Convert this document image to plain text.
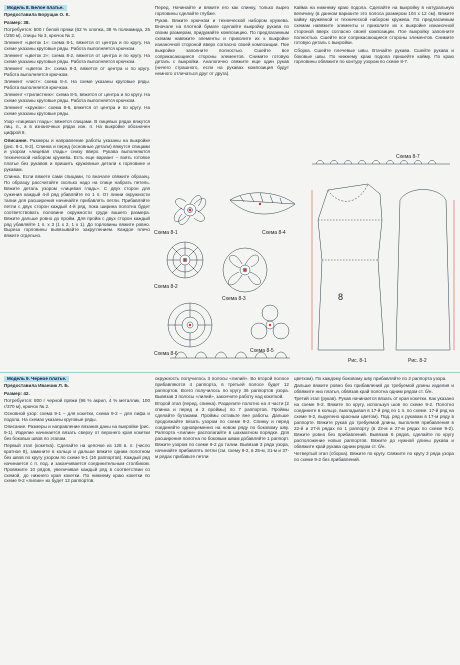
Модель 8. Белое платье.

Предоставила Борущак О. К.

Размер: 38.

Потребуется: 500 г белой пряжи (62 % хлопка, 38 % полиамида, 25 г/250 м), спицы № 3, крючок № 2.

Элемент «цветок 1»: схема 8-1, вяжется от центра и по кругу. На схеме указаны круговые ряды. Работа выполняется крючком.

Элемент «цветок 2»: схема 8-2, вяжется от центра и по кругу. На схеме указаны круговые ряды. Работа выполняется крючком.

Элемент «цветок 3»: схема 8-3, вяжется от центра и по кругу. Работа выполняется крючком.

Элемент «лист»: схема 8-4. На схеме указаны круговые ряды. Работа выполняется крючком.

Элемент «трилистник»: схема 8-5, вяжется от центра и по кругу. На схеме указаны круговые ряды. Работа выполняется крючком.

Элемент «кружок»: схема 8-6, вяжется от центра и по кругу. На схеме указаны круговые ряды.

Узор «лицевая гладь»: вяжется спицами. В лицевых рядах вяжутся лиц. п., а в изнаночных рядах изн. п. На выкройке обозначен цифрой 8.

Описание. Размеры и направление работы указаны на выкройке (рис. 8-1, 8-2). Спинка и перед (основные детали) вяжутся спицами и узором «лицевая гладь» снизу вверх. Рукава выполняются технической набором кружева. Есть еще вариант – взять готовое платье без рукавов и пришить кружевные детали к горловине и рукавам.

Спинка. Если вяжете сами спицами, то вначале свяжите образец. По образцу рассчитайте сколько надо на спице набрать петель. Вяжите деталь узором «лицевая гладь». С двух сторон для сужения каждый 4-й ряд убавляйте по 1 п. От линии окружности талии для расширения начинайте прибавлять петли. Прибавляйте петли с двух сторон каждый 4-й ряд, пока ширина полотна будет соответствовать половине окружности груди вашего размера. Вяжите дальше ровно до пройм. Для пройм с двух сторон каждый ряд убавляйте 1 п. x 3 (1 x 2, 1 x 1). До горловины вяжите ровно. Выреза горловины вывязывайте закруглением. Каждое плечо вяжите отдельно.

Перед. Начинайте и вяжите его как спинку, только вырез горловины сделайте глубже.

Рукав. Вяжите крючком и технической набором кружева. Вначале на плотной бумаге сделайте выкройку рукава по своим размерам, придумайте композицию. По предлагаемым схемам навяжите элементы и приколите их к выкройке изнаночной стороной вверх согласно своей композиции. Пое выкройке заполните полностью. Сшейте все соприкасающиеся стороны элементов. Снимите готовую деталь с выкройки. Аналогично свяжите еще один рукав (ничего страшного, если на рукавах композиция будут немного отличаться друг от друга).

Кайма на нижнему краю подола. Сделайте на выкройку в натуральную величину (в данном варианте это полоса размером 104 x 12 см). Вяжите кайму кружевной и технической набором кружева. По предлагаемым схемам навяжите элементы и приколите их к выкройке изнаночной стороной вверх согласно своей композиции. Пое выкройку заполните полностью. Сшейте все соприкасающиеся стороны элементов. Снимите готовую деталь с выкройки.

Сборка. Сшейте плечевые швы. Втачайте рукава. Сшейте рукава и боковые швы. По нижнему краю подола пришейте кайму. По краю горловины обвяжите по контуру узором по схеме 8-7.

Схема 8-1	Схема 8-4
Схема 8-2
Схема 8-3
Схема 8-6	Схема 8-5
Схема 8-7
8
Рис. 8-1	Рис. 8-2
Модель 9. Черное платье.

Предоставила Иванчик Л. Б.

Размер: 42.

Потребуется: 800 г черной пряжи (96 % акрил, 4 % металлик, 100 г/370 м), крючок № 2.

Основной узор: схема 9-1 – для кокетки, схема 9-2 – для лифа и подола. На схемах указаны круговые ряды.

Описание. Размеры и направление вязания даны на выкройке (рис. 9-1). Изделие начинается вязать сверху от верхнего края кокетки без боковых швов по этапам.

Первый этап (кокетка). Сделайте на цепочке из 128 в. п. (число кратное 8), замкните в кольцо и дальше вяжите одним полотном без швов по кругу узором по схеме 9-1 (16 раппортов). Каждый ряд начинается с п. под. и заканчивается соединительным столбиком. Провяжите 10 рядов, увеличивая каждый ряд в соответствии со схемой, до нижнего края кокетки. По нижнему краю кокетки по схеме 9-2 «лилии» их будет 12 раппортов.

окружность получилось 3 полосы «лилий». Во второй полосе прибавляются 4 раппорта, в третьей полосе будет 12 раппортов. Всего получилось по кругу 36 раппортов узора. Вывязав 3 полосы «лилий», закончите работу над кокеткой.

Второй этап (перед, спинка). Разделите полотно на 4 части (2 спинка и перед и 2 проймы) по 7 раппортов. Проймы сделайте бутаками. Проймы оставьте вне работы. Дальше продолжайте вязать узором по схеме 9-2. Спинку и перед соединяйте одновременно на новом ряду по боковому шву. Раппорта «лилии» располагайте в шахматном порядке. Для расширения полотна по боковым швам добавляйте 1 раппорт. Вяжите узором по схеме 9-2 до талии. Вывязав 3 ряда узора, начинайте прибавлять петли (см. схему 9-2, в 25-м, 31-м и 37-м рядах прибавьте петли

цветком). По каждому боковому шву прибавляйте по 2 раппорта узора.

Дальше вяжите ровно без прибавлений до требуемой длины изделия и обвяжите низ платья, обвязав край полотна одним рядом ст. б/н.

Третий этап (рукав). Рукав начинается вязать от края кокетки. Как указано на схеме 9-2. Вяжите по кругу, используя шов по схеме 9-2. Полотно соедините в кольцо, выкладывая в 17-й ряд по 1 п. по схеме. 17-й ряд на схеме 9-2, выделено красным цветом). Под. ряд к рукавам в 17-м ряду в раппорте. Вяжите рукав до требуемой длины, выполняя прибавления в 22-й и 27-й рядах по 1 раппорту (в 22-м и 27-м рядах по схеме 9-2). Вяжите ровно без прибавлений. Вывязав 6 рядов, сделайте по кругу расположение новых раппортов. Вяжите до нужной длины рукава и обвяжите край рукава одним рядом ст. б/н.

Четвертый этап (сборка). Вяжите по кругу. Свяжите по кругу 3 ряда узора по схеме 9-2 без прибавлений.
